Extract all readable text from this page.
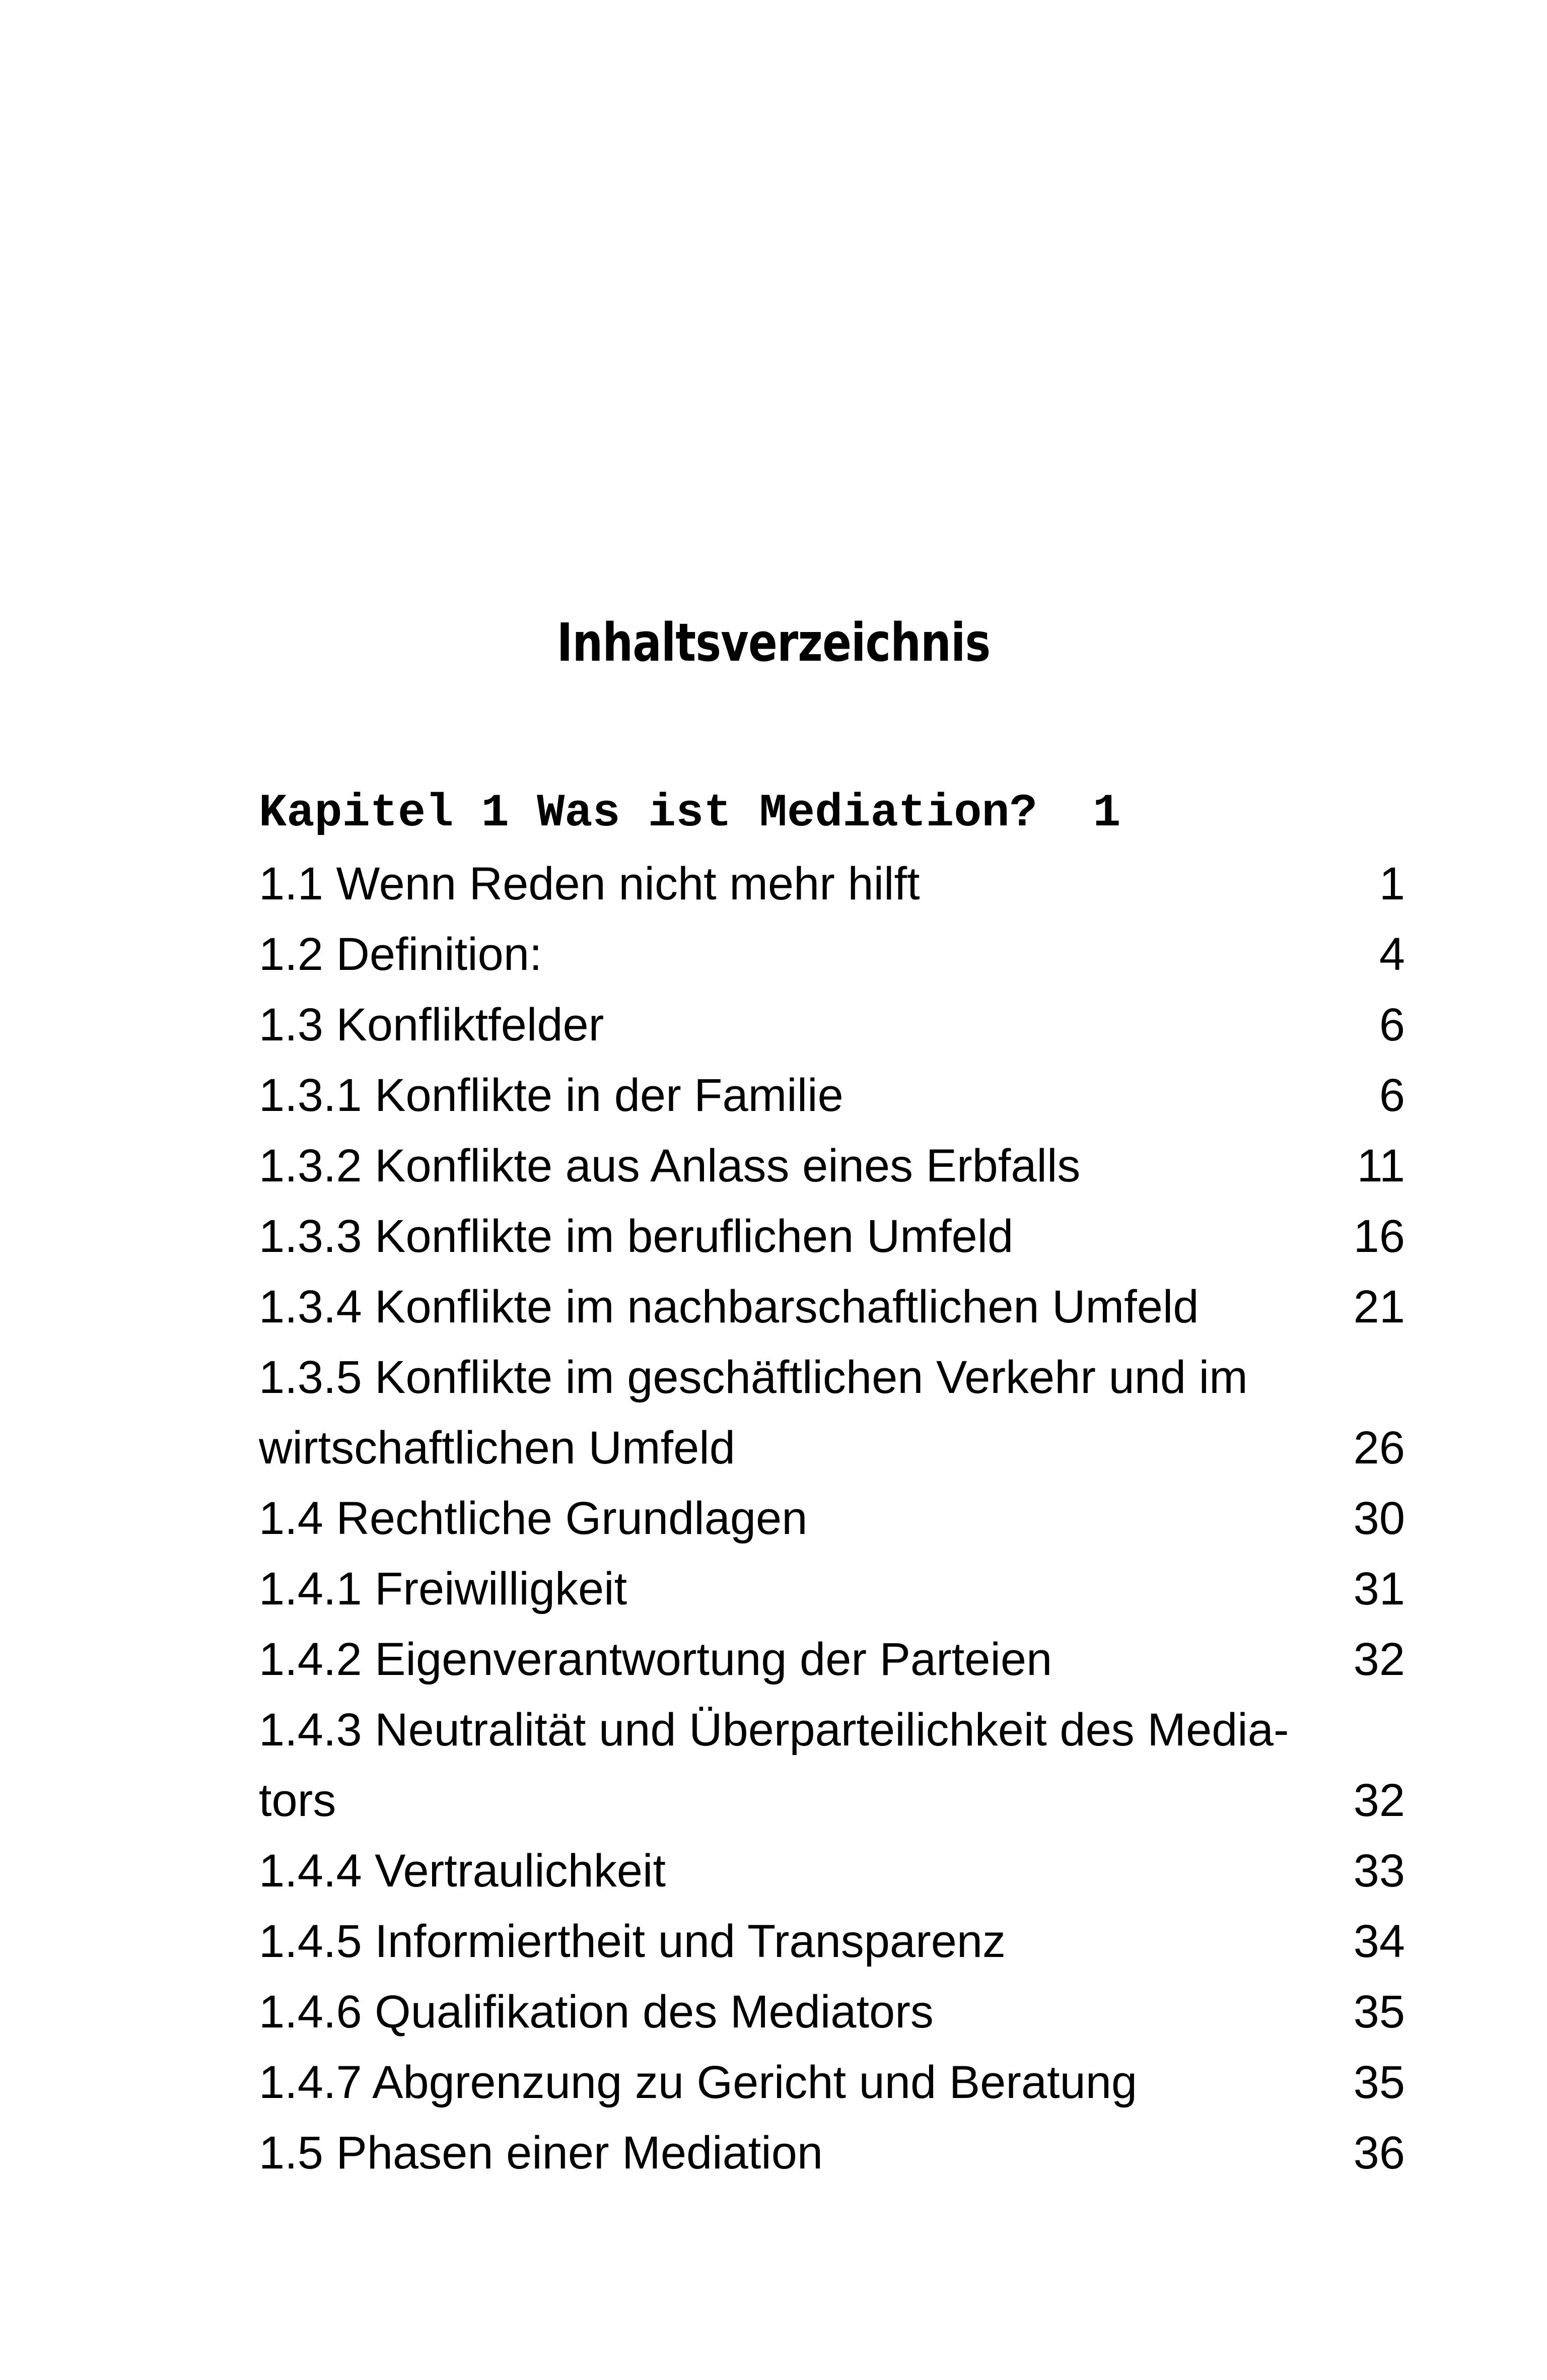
Inhaltsverzeichnis
Kapitel 1 Was ist Mediation? 1
1.1 Wenn Reden nicht mehr hilft	1
1.2 Definition:	4
1.3 Konfliktfelder	6
1.3.1 Konflikte in der Familie	6
1.3.2 Konflikte aus Anlass eines Erbfalls	11
1.3.3 Konflikte im beruflichen Umfeld	16
1.3.4 Konflikte im nachbarschaftlichen Umfeld	21
1.3.5 Konflikte im geschäftlichen Verkehr und im
wirtschaftlichen Umfeld	26
1.4 Rechtliche Grundlagen	30
1.4.1 Freiwilligkeit	31
1.4.2 Eigenverantwortung der Parteien	32
1.4.3 Neutralität und Überparteilichkeit des Media-
tors	32
1.4.4 Vertraulichkeit	33
1.4.5 Informiertheit und Transparenz	34
1.4.6 Qualifikation des Mediators	35
1.4.7 Abgrenzung zu Gericht und Beratung	35
1.5 Phasen einer Mediation	36
